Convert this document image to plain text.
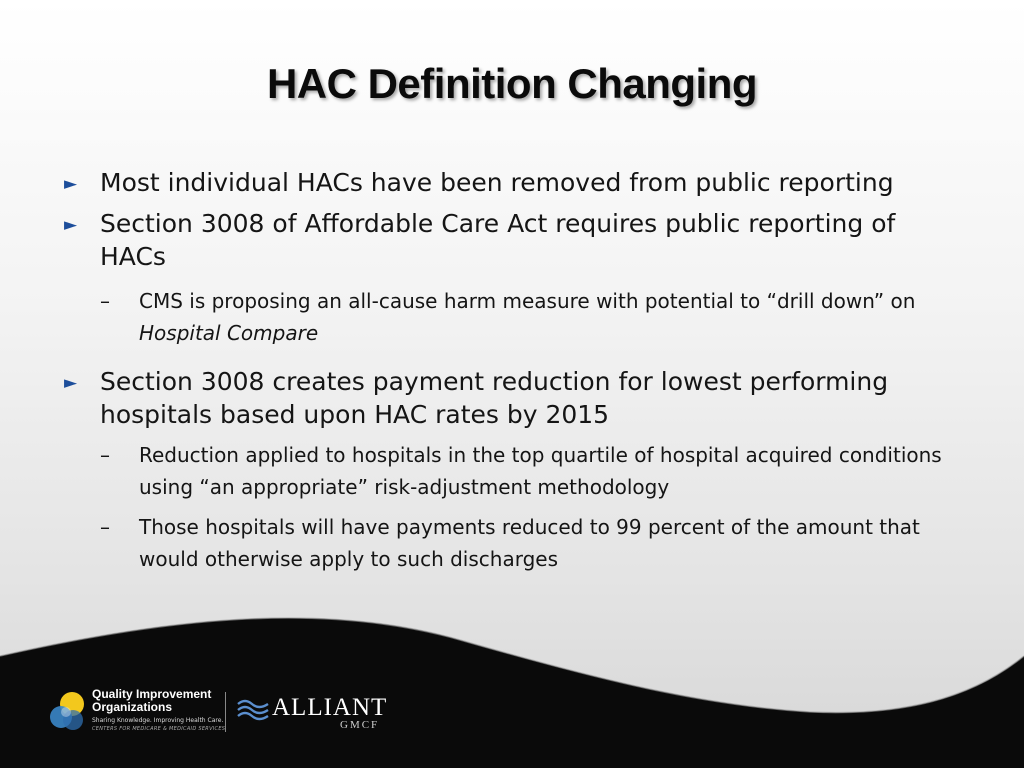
HAC Definition Changing
► Most individual HACs have been removed from public reporting
► Section 3008 of Affordable Care Act requires public reporting of HACs
– CMS is proposing an all-cause harm measure with potential to “drill down” on Hospital Compare
► Section 3008 creates payment reduction for lowest performing hospitals based upon HAC rates by 2015
– Reduction applied to hospitals in the top quartile of hospital acquired conditions using “an appropriate” risk-adjustment methodology
– Those hospitals will have payments reduced to 99 percent of the amount that would otherwise apply to such discharges
Quality Improvement
Organizations
Sharing Knowledge. Improving Health Care.
CENTERS FOR MEDICARE & MEDICAID SERVICES
ALLIANT
GMCF
